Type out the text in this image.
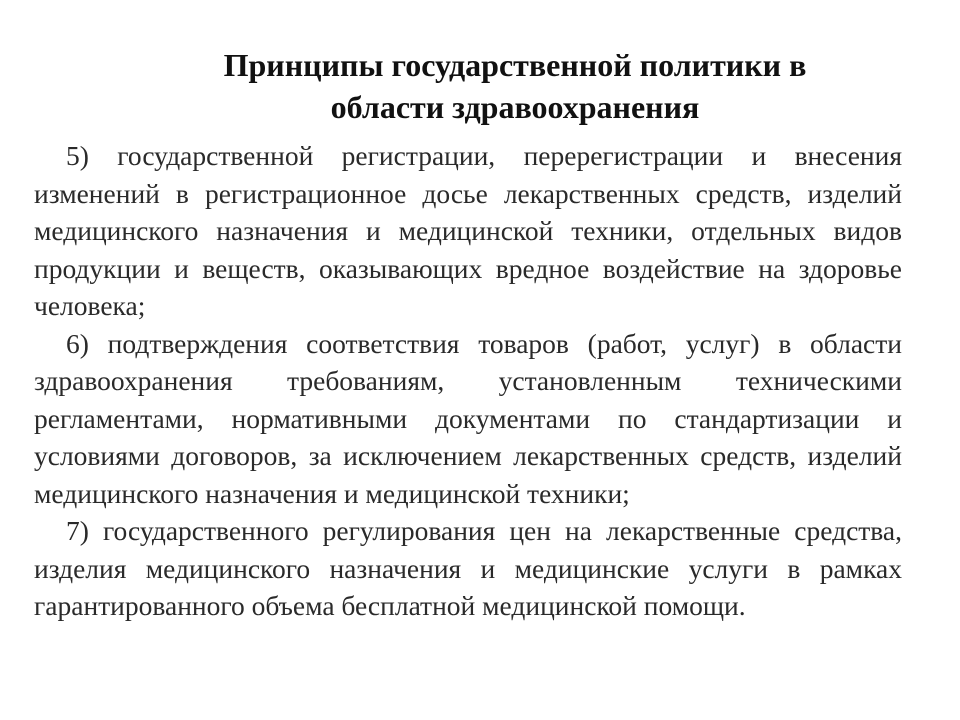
Принципы государственной политики в
области здравоохранения

5) государственной регистрации, перерегистрации и внесения изменений в регистрационное досье лекарственных средств, изделий медицинского назначения и медицинской техники, отдельных видов продукции и веществ, оказывающих вредное воздействие на здоровье человека;

6) подтверждения соответствия товаров (работ, услуг) в области здравоохранения требованиям, установленным техническими регламентами, нормативными документами по стандартизации и условиями договоров, за исключением лекарственных средств, изделий медицинского назначения и медицинской техники;

7) государственного регулирования цен на лекарственные средства, изделия медицинского назначения и медицинские услуги в рамках гарантированного объема бесплатной медицинской помощи.
